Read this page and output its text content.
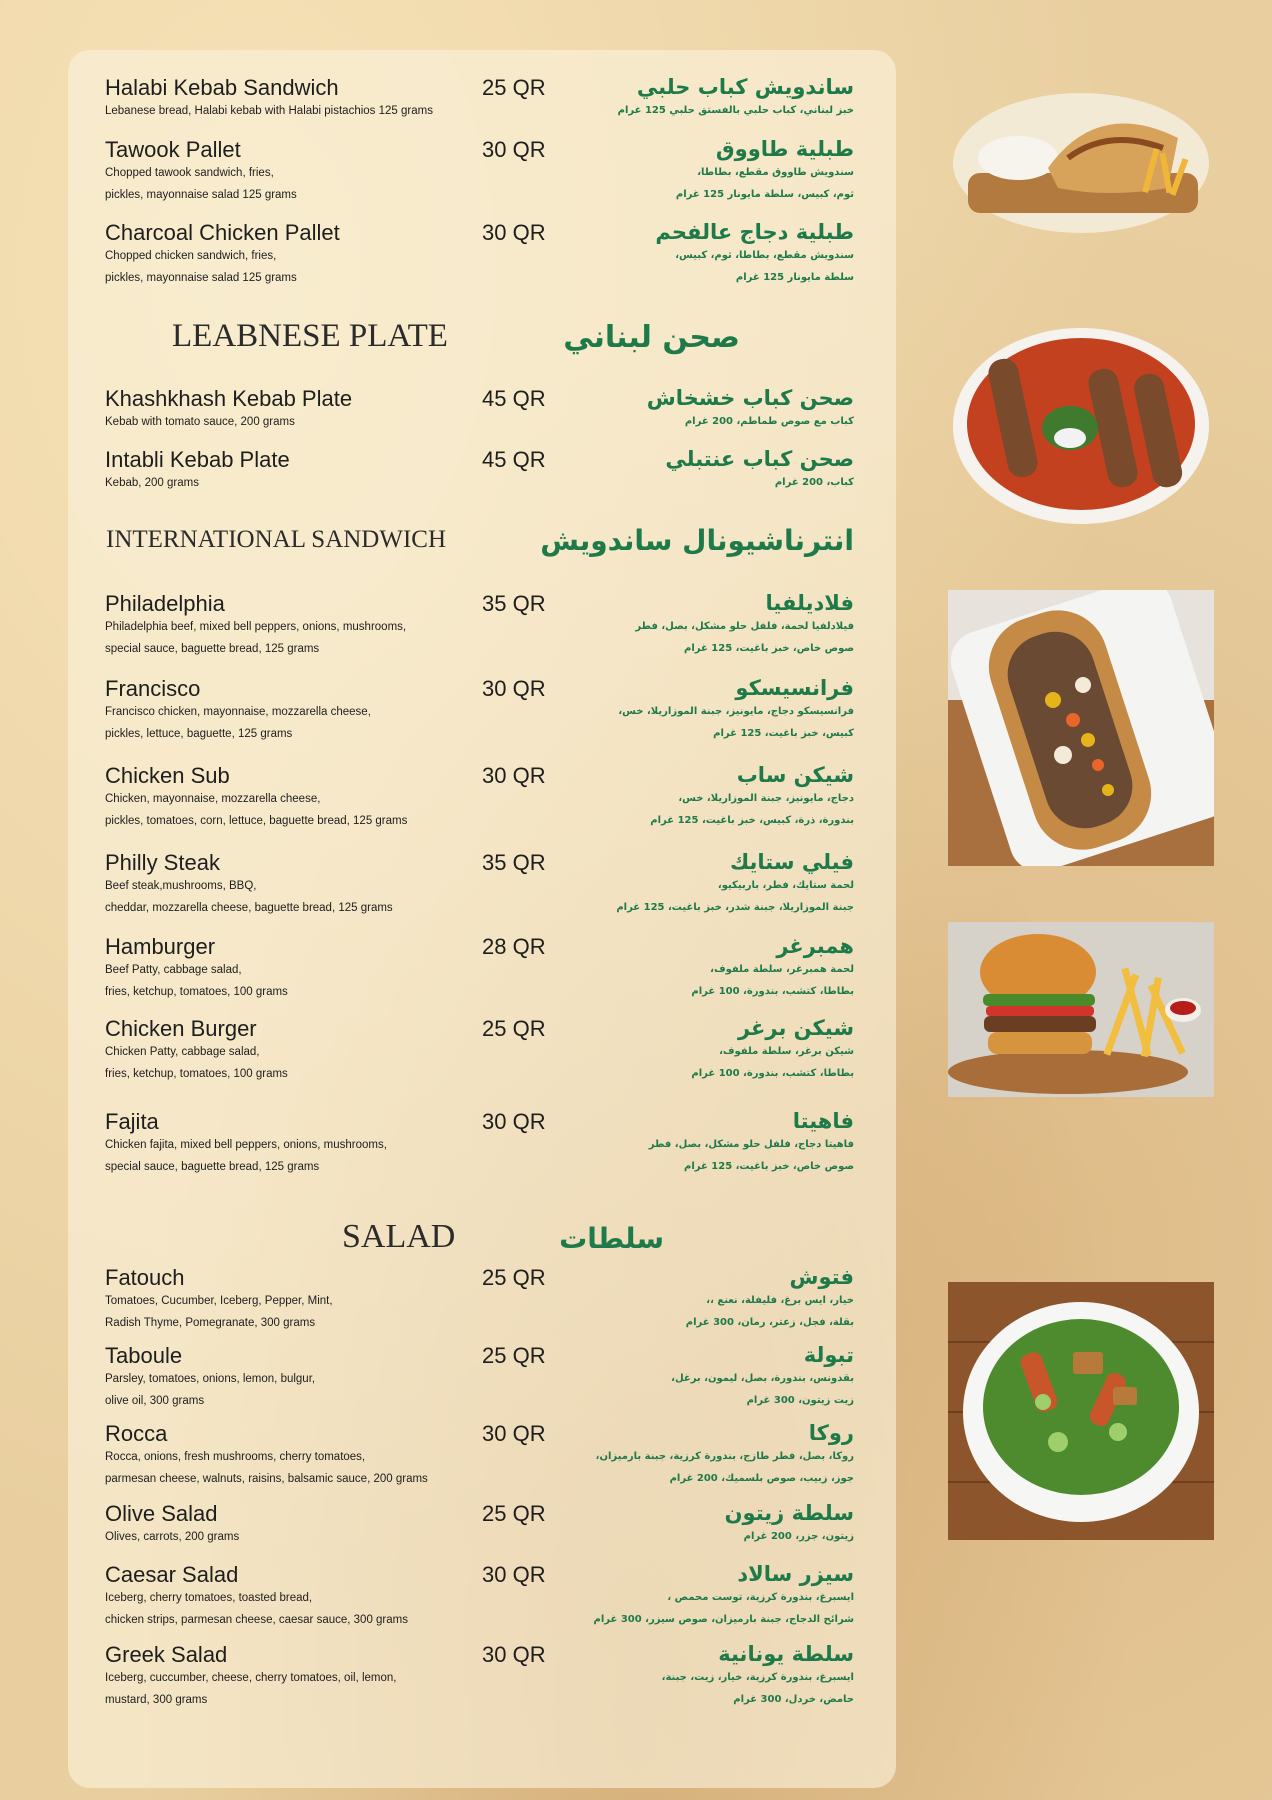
LEABNESE PLATE	صحن لبناني
INTERNATIONAL SANDWICH	انترناشيونال ساندويش
SALAD	سلطات
Halabi Kebab Sandwich
Lebanese bread, Halabi kebab with Halabi pistachios 125 grams
25 QR	ساندويش كباب حلبي
خبز لبناني، كباب حلبي بالفستق حلبي 125 غرام
Tawook Pallet
Chopped tawook sandwich, fries,
pickles, mayonnaise salad 125 grams
30 QR	طبلية طاووق
سندويش طاووق مقطع، بطاطا،
ثوم، كبيس، سلطة مايونار 125 غرام
Charcoal Chicken Pallet
Chopped chicken sandwich, fries,
pickles, mayonnaise salad 125 grams
30 QR	طبلية دجاج عالفحم
سندويش مقطع، بطاطا، ثوم، كبيس،
سلطة مايونار 125 غرام
Khashkhash Kebab Plate
Kebab with tomato sauce, 200 grams
45 QR	صحن كباب خشخاش
كباب مع صوص طماطم، 200 غرام
Intabli Kebab Plate
Kebab, 200 grams
45 QR	صحن كباب عنتبلي
كباب، 200 غرام
Philadelphia
Philadelphia beef, mixed bell peppers, onions, mushrooms,
special sauce, baguette bread, 125 grams
35 QR	فلادیلفیا
فيلادلفيا لحمة، فلفل حلو مشكل، بصل، فطر
صوص خاص، خبز باغيت، 125 غرام
Francisco
Francisco chicken, mayonnaise, mozzarella cheese,
pickles, lettuce, baguette, 125 grams
30 QR	فرانسيسكو
فرانسيسكو دجاج، مايونيز، جبنة الموزاريلا، خس،
كبيس، خبز باغيت، 125 غرام
Chicken Sub
Chicken, mayonnaise, mozzarella cheese,
pickles, tomatoes, corn, lettuce, baguette bread, 125 grams
30 QR	شيكن ساب
دجاج، مايونيز، جبنة الموزاريلا، خس،
بندورة، ذرة، كبيس، خبز باغيت، 125 غرام
Philly Steak
Beef steak,mushrooms, BBQ,
cheddar, mozzarella cheese, baguette bread, 125 grams
35 QR	فيلي ستايك
لحمة ستايك، فطر، باربيكيو،
جبنة الموزاريلا، جبنة شدر، خبز باغيت، 125 غرام
Hamburger
Beef Patty, cabbage salad,
fries, ketchup, tomatoes, 100 grams
28 QR	همبرغر
لحمة همبرغر، سلطة ملفوف،
بطاطا، كتشب، بندورة، 100 غرام
Chicken Burger
Chicken Patty, cabbage salad,
fries, ketchup, tomatoes, 100 grams
25 QR	شيكن برغر
شيكن برغر، سلطة ملفوف،
بطاطا، كتشب، بندورة، 100 غرام
Fajita
Chicken fajita, mixed bell peppers, onions, mushrooms,
special sauce, baguette bread, 125 grams
30 QR	فاهيتا
فاهيتا دجاج، فلفل حلو مشكل، بصل، فطر
صوص خاص، خبز باغيت، 125 غرام
Fatouch
Tomatoes, Cucumber, Iceberg, Pepper, Mint,
Radish Thyme, Pomegranate, 300 grams
25 QR	فتوش
خيار، ايس برغ، فليفلة، نعنع ،،
بقلة، فجل، زعتر، رمان، 300 غرام
Taboule
Parsley, tomatoes, onions, lemon, bulgur,
olive oil, 300 grams
25 QR	تبولة
بقدونس، بندورة، بصل، ليمون، برغل،
زيت زيتون، 300 غرام
Rocca
Rocca, onions, fresh mushrooms, cherry tomatoes,
parmesan cheese, walnuts, raisins, balsamic sauce, 200 grams
30 QR	روكا
روكا، بصل، فطر طازج، بندورة كرزية، جبنة بارميزان،
جوز، زبيب، صوص بلسميك، 200 غرام
Olive Salad
Olives, carrots, 200 grams
25 QR	سلطة زيتون
زيتون، جزر، 200 غرام
Caesar Salad
Iceberg, cherry tomatoes, toasted bread,
chicken strips, parmesan cheese, caesar sauce, 300 grams
30 QR	سيزر سالاد
ايسبرغ، بندورة كرزية، توست محمص ،
شرائح الدجاج، جبنة بارميزان، صوص سيزر، 300 غرام
Greek Salad
Iceberg, cuccumber, cheese, cherry tomatoes, oil, lemon,
mustard, 300 grams
30 QR	سلطة يونانية
ايسبرغ، بندورة كرزية، خيار، زيت، جبنة،
حامض، خردل، 300 غرام
